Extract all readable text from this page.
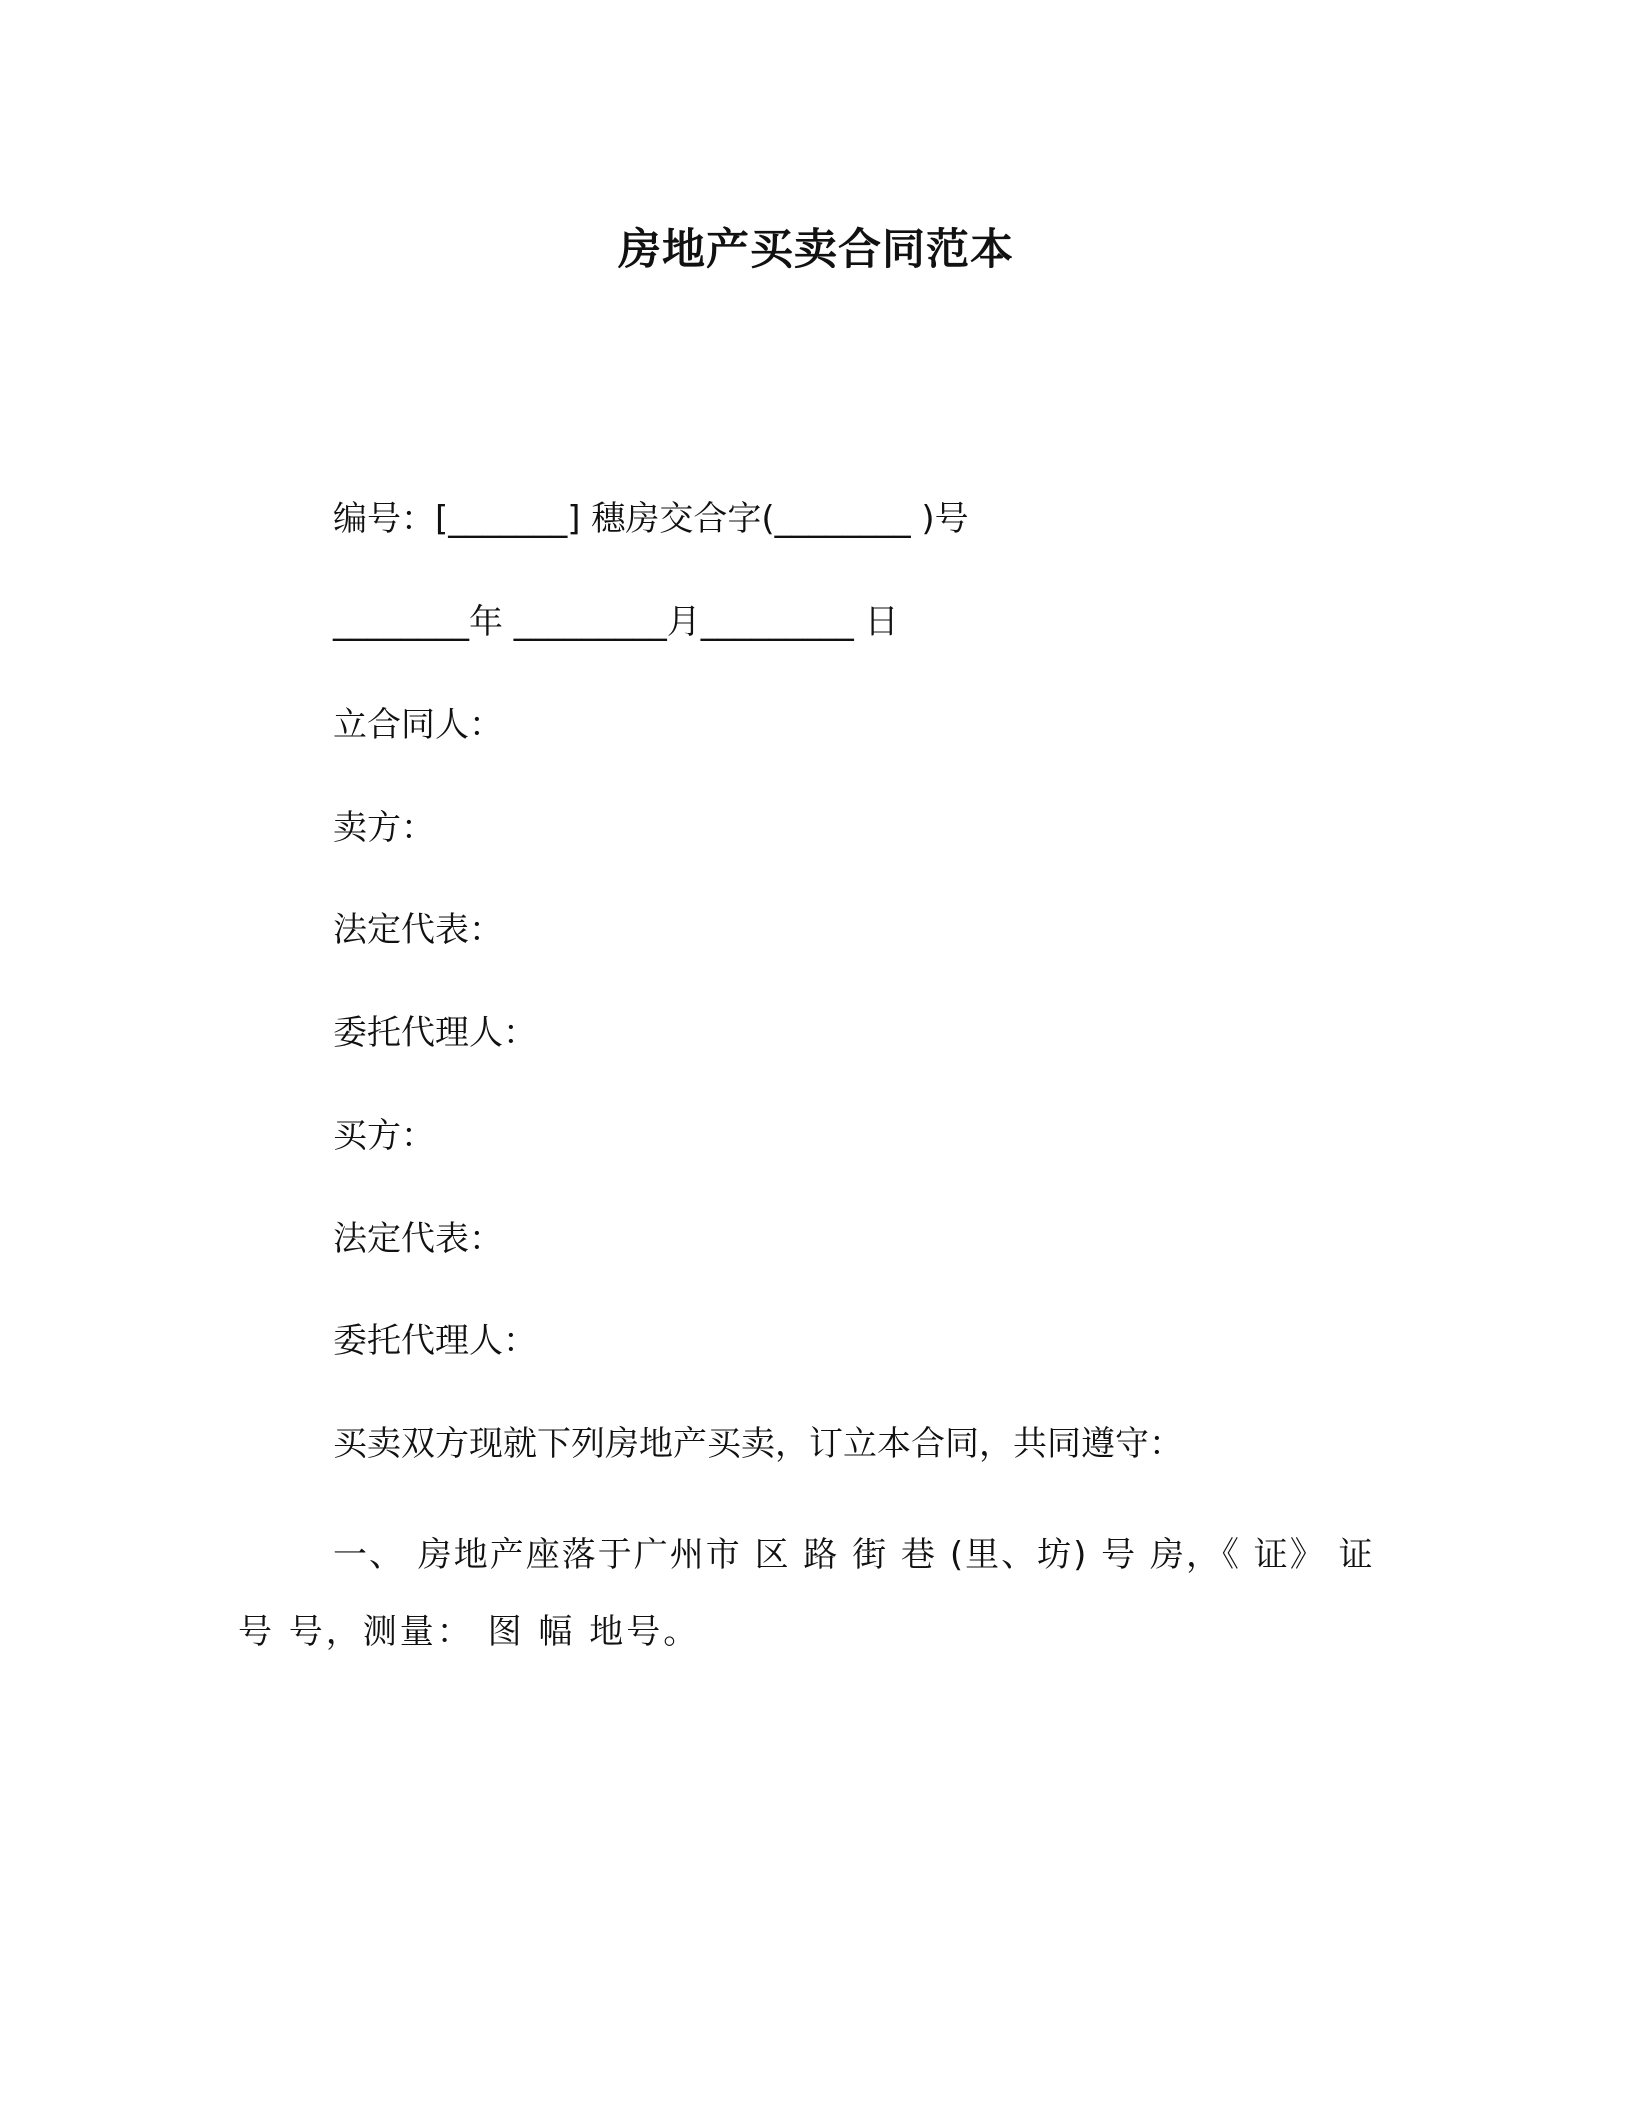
房地产买卖合同范本
编号：[_______] 穗房交合字(________ )号
________年 _________月_________ 日
立合同人：
卖方：
法定代表：
委托代理人：
买方：
法定代表：
委托代理人：
买卖双方现就下列房地产买卖，订立本合同，共同遵守：
一、 房地产座落于广州市 区 路 街 巷 (里、坊) 号 房，《 证》 证
号 号，测量： 图 幅 地号。
